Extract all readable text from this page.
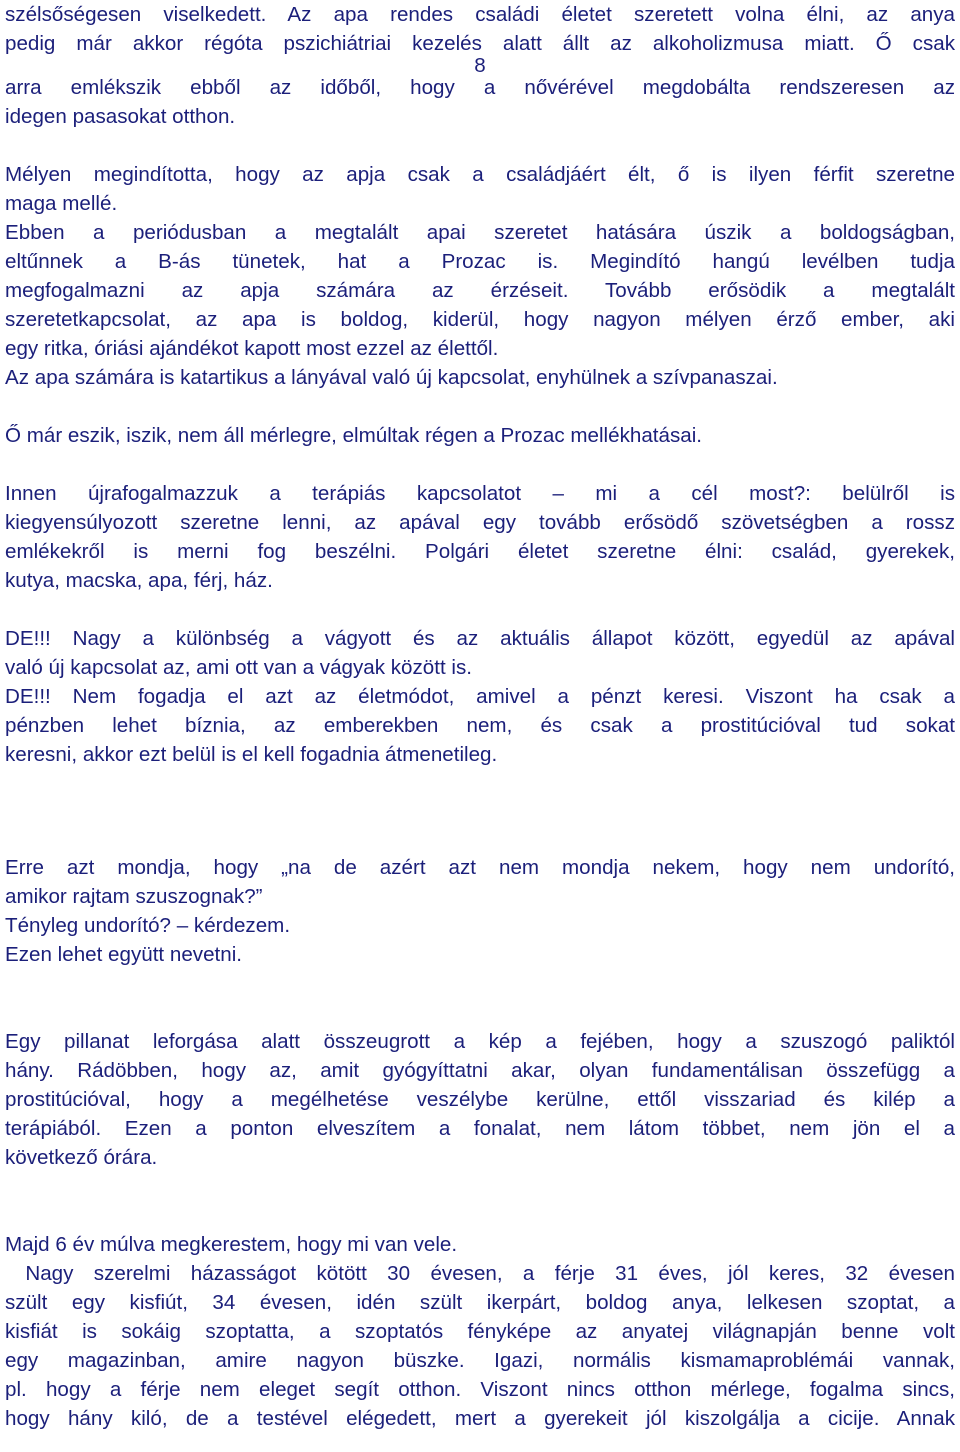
szélsőségesen viselkedett. Az apa rendes családi életet szeretett volna élni, az anya
pedig már akkor régóta pszichiátriai kezelés alatt állt az alkoholizmusa miatt. Ő csak
8
arra emlékszik ebből az időből, hogy a nővérével megdobálta rendszeresen az
idegen pasasokat otthon.
Mélyen megindította, hogy az apja csak a családjáért élt, ő is ilyen férfit szeretne
maga mellé.
Ebben a periódusban a megtalált apai szeretet hatására úszik a boldogságban,
eltűnnek a B-ás tünetek, hat a Prozac is. Megindító hangú levélben tudja
megfogalmazni az apja számára az érzéseit. Tovább erősödik a megtalált
szeretetkapcsolat, az apa is boldog, kiderül, hogy nagyon mélyen érző ember, aki
egy ritka, óriási ajándékot kapott most ezzel az élettől.
Az apa számára is katartikus a lányával való új kapcsolat, enyhülnek a szívpanaszai.
Ő már eszik, iszik, nem áll mérlegre, elmúltak régen a Prozac mellékhatásai.
Innen újrafogalmazzuk a terápiás kapcsolatot – mi a cél most?: belülről is
kiegyensúlyozott szeretne lenni, az apával egy tovább erősödő szövetségben a rossz
emlékekről is merni fog beszélni. Polgári életet szeretne élni: család, gyerekek,
kutya, macska, apa, férj, ház.
DE!!! Nagy a különbség a vágyott és az aktuális állapot között, egyedül az apával
való új kapcsolat az, ami ott van a vágyak között is.
DE!!! Nem fogadja el azt az életmódot, amivel a pénzt keresi. Viszont ha csak a
pénzben lehet bíznia, az emberekben nem, és csak a prostitúcióval tud sokat
keresni, akkor ezt belül is el kell fogadnia átmenetileg.
Erre azt mondja, hogy „na de azért azt nem mondja nekem, hogy nem undorító,
amikor rajtam szuszognak?”
Tényleg undorító? – kérdezem.
Ezen lehet együtt nevetni.
Egy pillanat leforgása alatt összeugrott a kép a fejében, hogy a szuszogó paliktól
hány. Rádöbben, hogy az, amit gyógyíttatni akar, olyan fundamentálisan összefügg a
prostitúcióval, hogy a megélhetése veszélybe kerülne, ettől visszariad és kilép a
terápiából. Ezen a ponton elveszítem a fonalat, nem látom többet, nem jön el a
következő órára.
Majd 6 év múlva megkerestem, hogy mi van vele.
Nagy szerelmi házasságot kötött 30 évesen, a férje 31 éves, jól keres, 32 évesen
szült egy kisfiút, 34 évesen, idén szült ikerpárt, boldog anya, lelkesen szoptat, a
kisfiát is sokáig szoptatta, a szoptatós fényképe az anyatej világnapján benne volt
egy magazinban, amire nagyon büszke. Igazi, normális kismamaproblémái vannak,
pl. hogy a férje nem eleget segít otthon. Viszont nincs otthon mérlege, fogalma sincs,
hogy hány kiló, de a testével elégedett, mert a gyerekeit jól kiszolgálja a cicije. Annak
